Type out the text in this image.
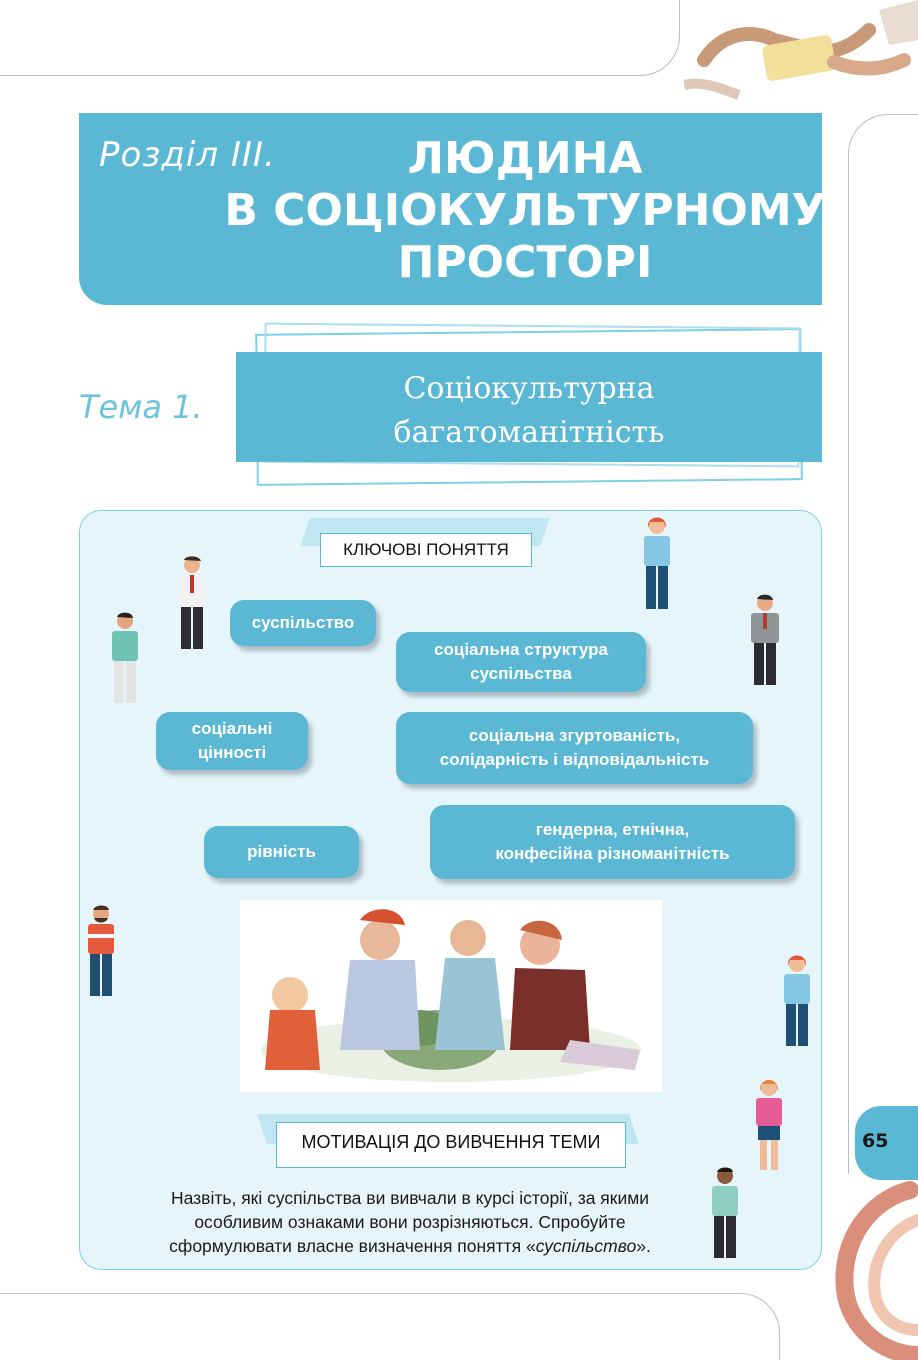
Розділ III.	ЛЮДИНА
В СОЦІОКУЛЬТУРНОМУ
ПРОСТОРІ
Тема 1.	Соціокультурна
багатоманітність
КЛЮЧОВІ ПОНЯТТЯ
суспільство
соціальна структура
суспільства
соціальні
цінності
соціальна згуртованість,
солідарність і відповідальність
рівність
гендерна, етнічна,
конфесійна різноманітність
МОТИВАЦІЯ ДО ВИВЧЕННЯ ТЕМИ
Назвіть, які суспільства ви вивчали в курсі історії, за якими
особливим ознаками вони розрізняються. Спробуйте
сформулювати власне визначення поняття «суспільство».
65
